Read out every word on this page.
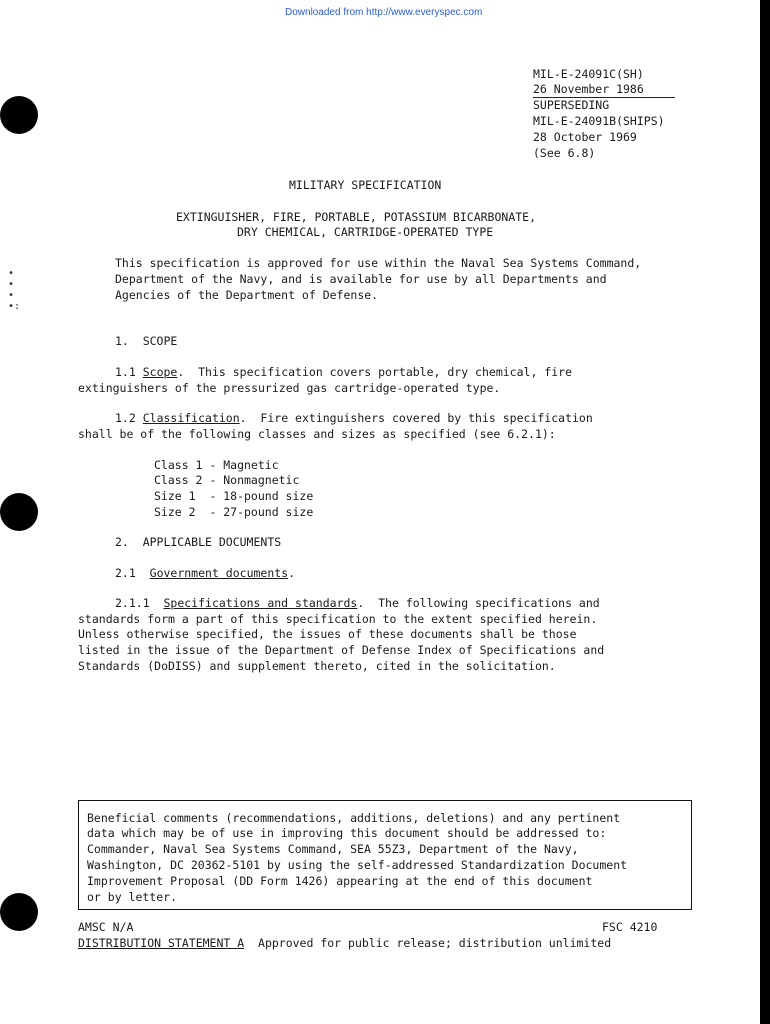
•
•
•
•:
Downloaded from http://www.everyspec.com
MIL-E-24091C(SH)
26 November 1986
SUPERSEDING
MIL-E-24091B(SHIPS)
28 October 1969
(See 6.8)
MILITARY SPECIFICATION
EXTINGUISHER, FIRE, PORTABLE, POTASSIUM BICARBONATE,
DRY CHEMICAL, CARTRIDGE-OPERATED TYPE
This specification is approved for use within the Naval Sea Systems Command,
Department of the Navy, and is available for use by all Departments and
Agencies of the Department of Defense.
1.  SCOPE
1.1 Scope.  This specification covers portable, dry chemical, fire
extinguishers of the pressurized gas cartridge-operated type.
1.2 Classification.  Fire extinguishers covered by this specification
shall be of the following classes and sizes as specified (see 6.2.1):
Class 1 - Magnetic
Class 2 - Nonmagnetic
Size 1  - 18-pound size
Size 2  - 27-pound size
2.  APPLICABLE DOCUMENTS
2.1 Government documents.
2.1.1 Specifications and standards.  The following specifications and
standards form a part of this specification to the extent specified herein.
Unless otherwise specified, the issues of these documents shall be those
listed in the issue of the Department of Defense Index of Specifications and
Standards (DoDISS) and supplement thereto, cited in the solicitation.
Beneficial comments (recommendations, additions, deletions) and any pertinent
data which may be of use in improving this document should be addressed to:
Commander, Naval Sea Systems Command, SEA 55Z3, Department of the Navy,
Washington, DC 20362-5101 by using the self-addressed Standardization Document
Improvement Proposal (DD Form 1426) appearing at the end of this document
or by letter.
AMSC N/A	FSC 4210
DISTRIBUTION STATEMENT A  Approved for public release; distribution unlimited
